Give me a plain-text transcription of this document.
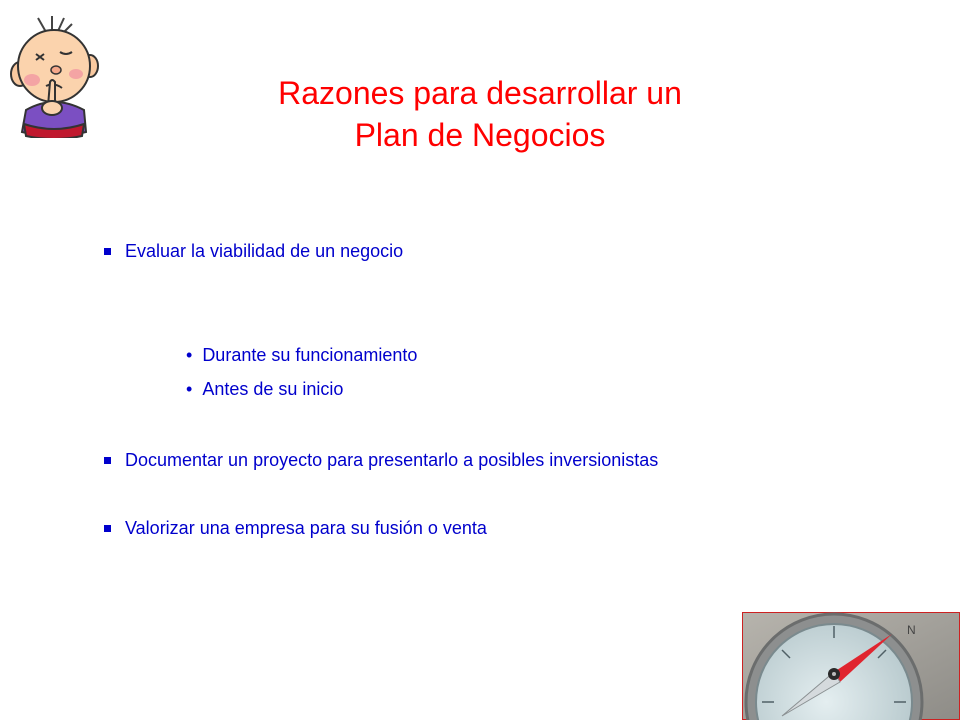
Razones para desarrollar un
Plan de Negocios
Evaluar la viabilidad de un negocio
• Durante su funcionamiento
• Antes de su inicio
Documentar un proyecto para presentarlo a posibles inversionistas
Valorizar una empresa para su fusión o venta
N
